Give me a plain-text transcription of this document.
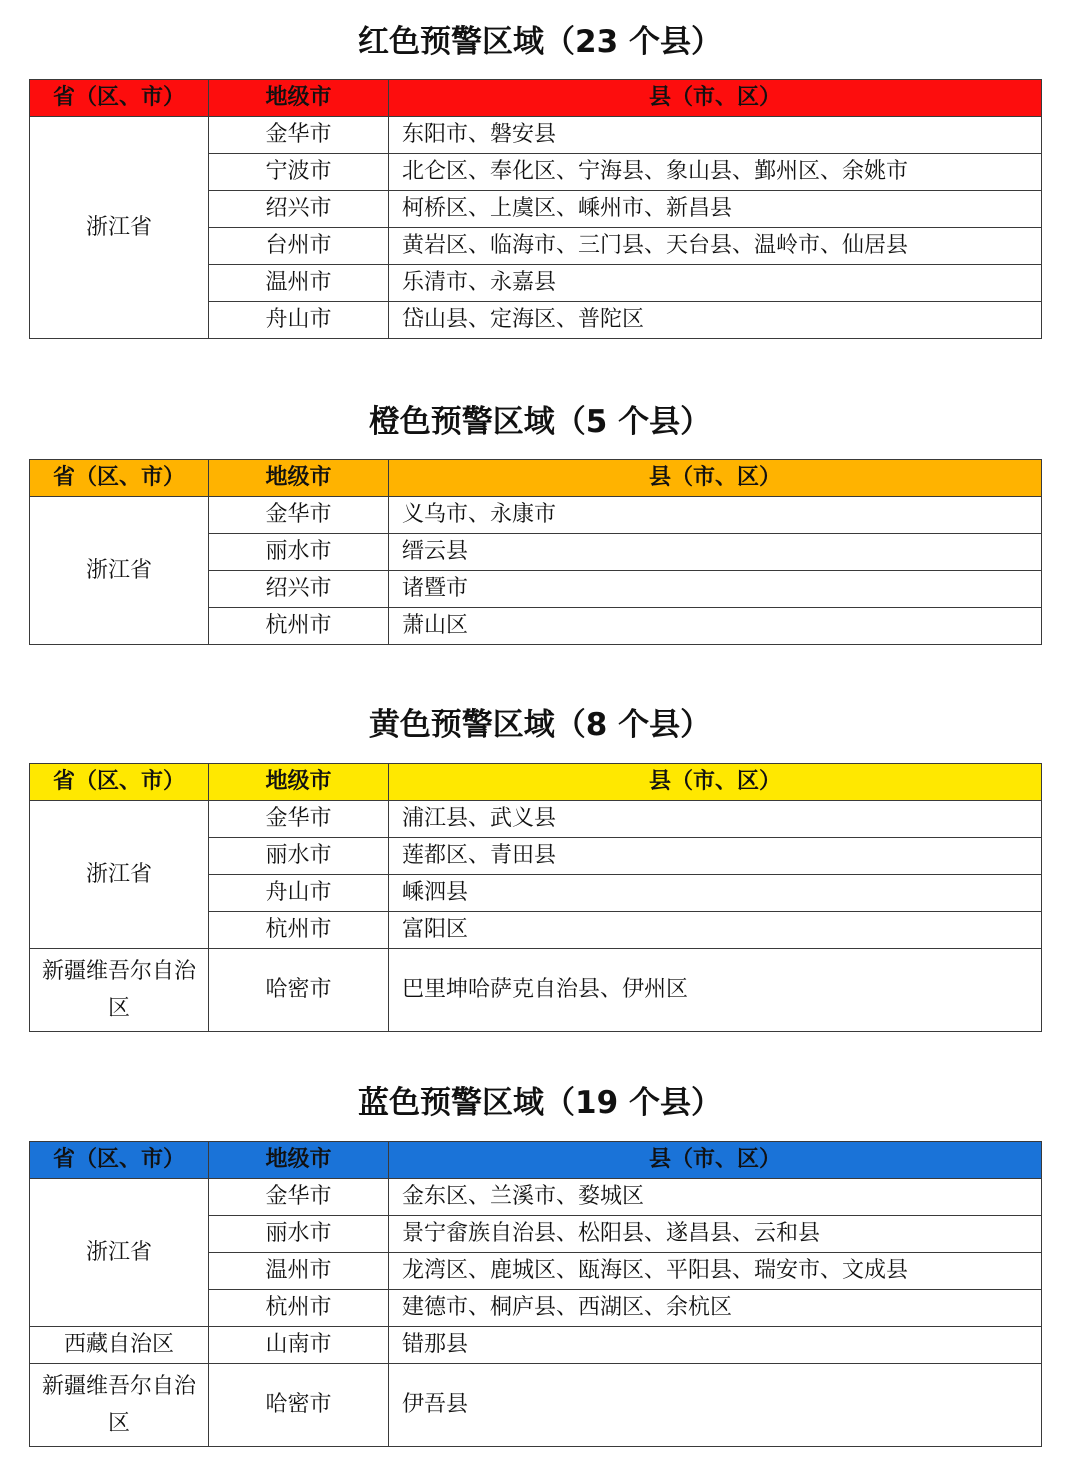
红色预警区域（23 个县）
省（区、市）	地级市	县（市、区）
浙江省	金华市	东阳市、磐安县
	宁波市	北仑区、奉化区、宁海县、象山县、鄞州区、余姚市
	绍兴市	柯桥区、上虞区、嵊州市、新昌县
	台州市	黄岩区、临海市、三门县、天台县、温岭市、仙居县
	温州市	乐清市、永嘉县
	舟山市	岱山县、定海区、普陀区
橙色预警区域（5 个县）
省（区、市）	地级市	县（市、区）
浙江省	金华市	义乌市、永康市
	丽水市	缙云县
	绍兴市	诸暨市
	杭州市	萧山区
黄色预警区域（8 个县）
省（区、市）	地级市	县（市、区）
浙江省	金华市	浦江县、武义县
	丽水市	莲都区、青田县
	舟山市	嵊泗县
	杭州市	富阳区
新疆维吾尔自治区	哈密市	巴里坤哈萨克自治县、伊州区
蓝色预警区域（19 个县）
省（区、市）	地级市	县（市、区）
浙江省	金华市	金东区、兰溪市、婺城区
	丽水市	景宁畲族自治县、松阳县、遂昌县、云和县
	温州市	龙湾区、鹿城区、瓯海区、平阳县、瑞安市、文成县
	杭州市	建德市、桐庐县、西湖区、余杭区
西藏自治区	山南市	错那县
新疆维吾尔自治区	哈密市	伊吾县
